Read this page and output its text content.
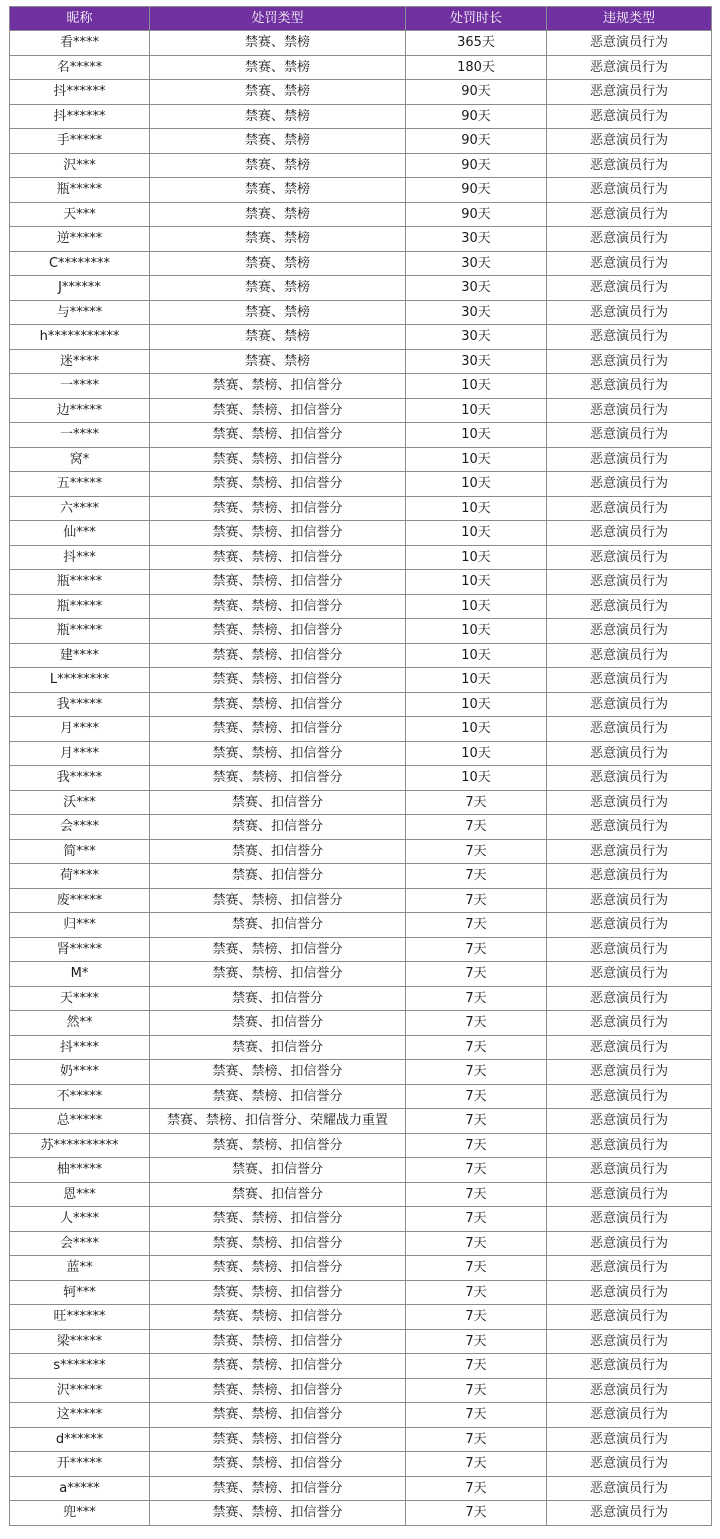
昵称	处罚类型	处罚时长	违规类型
看****	禁赛、禁榜	365天	恶意演员行为
名*****	禁赛、禁榜	180天	恶意演员行为
抖******	禁赛、禁榜	90天	恶意演员行为
抖******	禁赛、禁榜	90天	恶意演员行为
手*****	禁赛、禁榜	90天	恶意演员行为
沢***	禁赛、禁榜	90天	恶意演员行为
瓶*****	禁赛、禁榜	90天	恶意演员行为
天***	禁赛、禁榜	90天	恶意演员行为
逆*****	禁赛、禁榜	30天	恶意演员行为
C********	禁赛、禁榜	30天	恶意演员行为
J******	禁赛、禁榜	30天	恶意演员行为
与*****	禁赛、禁榜	30天	恶意演员行为
h***********	禁赛、禁榜	30天	恶意演员行为
迷****	禁赛、禁榜	30天	恶意演员行为
一****	禁赛、禁榜、扣信誉分	10天	恶意演员行为
边*****	禁赛、禁榜、扣信誉分	10天	恶意演员行为
一****	禁赛、禁榜、扣信誉分	10天	恶意演员行为
窝*	禁赛、禁榜、扣信誉分	10天	恶意演员行为
五*****	禁赛、禁榜、扣信誉分	10天	恶意演员行为
六****	禁赛、禁榜、扣信誉分	10天	恶意演员行为
仙***	禁赛、禁榜、扣信誉分	10天	恶意演员行为
抖***	禁赛、禁榜、扣信誉分	10天	恶意演员行为
瓶*****	禁赛、禁榜、扣信誉分	10天	恶意演员行为
瓶*****	禁赛、禁榜、扣信誉分	10天	恶意演员行为
瓶*****	禁赛、禁榜、扣信誉分	10天	恶意演员行为
建****	禁赛、禁榜、扣信誉分	10天	恶意演员行为
L********	禁赛、禁榜、扣信誉分	10天	恶意演员行为
我*****	禁赛、禁榜、扣信誉分	10天	恶意演员行为
月****	禁赛、禁榜、扣信誉分	10天	恶意演员行为
月****	禁赛、禁榜、扣信誉分	10天	恶意演员行为
我*****	禁赛、禁榜、扣信誉分	10天	恶意演员行为
沃***	禁赛、扣信誉分	7天	恶意演员行为
会****	禁赛、扣信誉分	7天	恶意演员行为
简***	禁赛、扣信誉分	7天	恶意演员行为
荷****	禁赛、扣信誉分	7天	恶意演员行为
废*****	禁赛、禁榜、扣信誉分	7天	恶意演员行为
归***	禁赛、扣信誉分	7天	恶意演员行为
肾*****	禁赛、禁榜、扣信誉分	7天	恶意演员行为
M*	禁赛、禁榜、扣信誉分	7天	恶意演员行为
天****	禁赛、扣信誉分	7天	恶意演员行为
然**	禁赛、扣信誉分	7天	恶意演员行为
抖****	禁赛、扣信誉分	7天	恶意演员行为
奶****	禁赛、禁榜、扣信誉分	7天	恶意演员行为
不*****	禁赛、禁榜、扣信誉分	7天	恶意演员行为
总*****	禁赛、禁榜、扣信誉分、荣耀战力重置	7天	恶意演员行为
苏**********	禁赛、禁榜、扣信誉分	7天	恶意演员行为
柚*****	禁赛、扣信誉分	7天	恶意演员行为
恩***	禁赛、扣信誉分	7天	恶意演员行为
人****	禁赛、禁榜、扣信誉分	7天	恶意演员行为
会****	禁赛、禁榜、扣信誉分	7天	恶意演员行为
蓝**	禁赛、禁榜、扣信誉分	7天	恶意演员行为
轲***	禁赛、禁榜、扣信誉分	7天	恶意演员行为
旺******	禁赛、禁榜、扣信誉分	7天	恶意演员行为
梁*****	禁赛、禁榜、扣信誉分	7天	恶意演员行为
s*******	禁赛、禁榜、扣信誉分	7天	恶意演员行为
沢*****	禁赛、禁榜、扣信誉分	7天	恶意演员行为
这*****	禁赛、禁榜、扣信誉分	7天	恶意演员行为
d******	禁赛、禁榜、扣信誉分	7天	恶意演员行为
开*****	禁赛、禁榜、扣信誉分	7天	恶意演员行为
a*****	禁赛、禁榜、扣信誉分	7天	恶意演员行为
兜***	禁赛、禁榜、扣信誉分	7天	恶意演员行为
